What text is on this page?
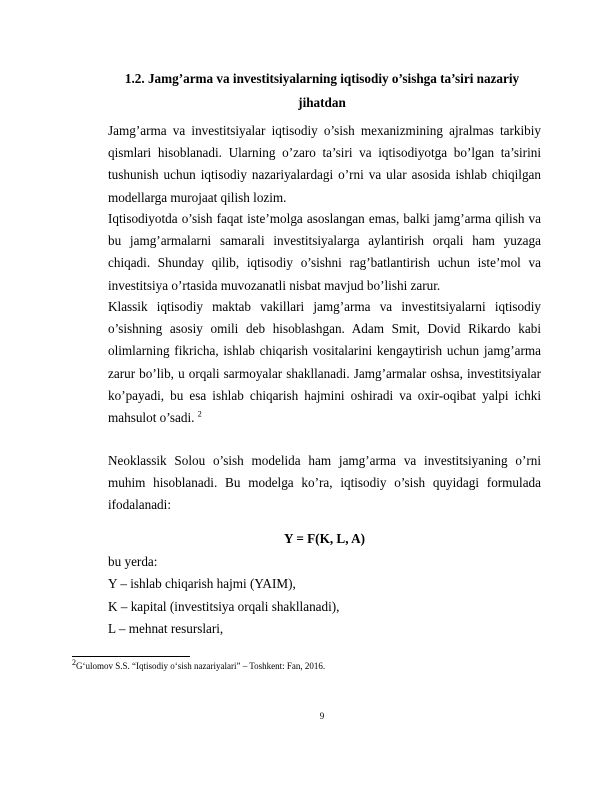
1.2. Jamg’arma va investitsiyalarning iqtisodiy o’sishga ta’siri nazariy
jihatdan

Jamg’arma va investitsiyalar iqtisodiy o’sish mexanizmining ajralmas tarkibiy qismlari hisoblanadi. Ularning o’zaro ta’siri va iqtisodiyotga bo’lgan ta’sirini tushunish uchun iqtisodiy nazariyalardagi o’rni va ular asosida ishlab chiqilgan modellarga murojaat qilish lozim.

Iqtisodiyotda o’sish faqat iste’molga asoslangan emas, balki jamg’arma qilish va bu jamg’armalarni samarali investitsiyalarga aylantirish orqali ham yuzaga chiqadi. Shunday qilib, iqtisodiy o’sishni rag’batlantirish uchun iste’mol va investitsiya o’rtasida muvozanatli nisbat mavjud bo’lishi zarur.

Klassik iqtisodiy maktab vakillari jamg’arma va investitsiyalarni iqtisodiy o’sishning asosiy omili deb hisoblashgan. Adam Smit, Dovid Rikardo kabi olimlarning fikricha, ishlab chiqarish vositalarini kengaytirish uchun jamg’arma zarur bo’lib, u orqali sarmoyalar shakllanadi. Jamg’armalar oshsa, investitsiyalar ko’payadi, bu esa ishlab chiqarish hajmini oshiradi va oxir-oqibat yalpi ichki mahsulot o’sadi. $^2$

Neoklassik Solou o’sish modelida ham jamg’arma va investitsiyaning o’rni muhim hisoblanadi. Bu modelga ko’ra, iqtisodiy o’sish quyidagi formulada ifodalanadi:

Y = F(K, L, A)
bu yerda:
Y – ishlab chiqarish hajmi (YAIM),
K – kapital (investitsiya orqali shakllanadi),
L – mehnat resurslari,
$^2$G‘ulomov S.S. “Iqtisodiy o‘sish nazariyalari” – Toshkent: Fan, 2016.
9
